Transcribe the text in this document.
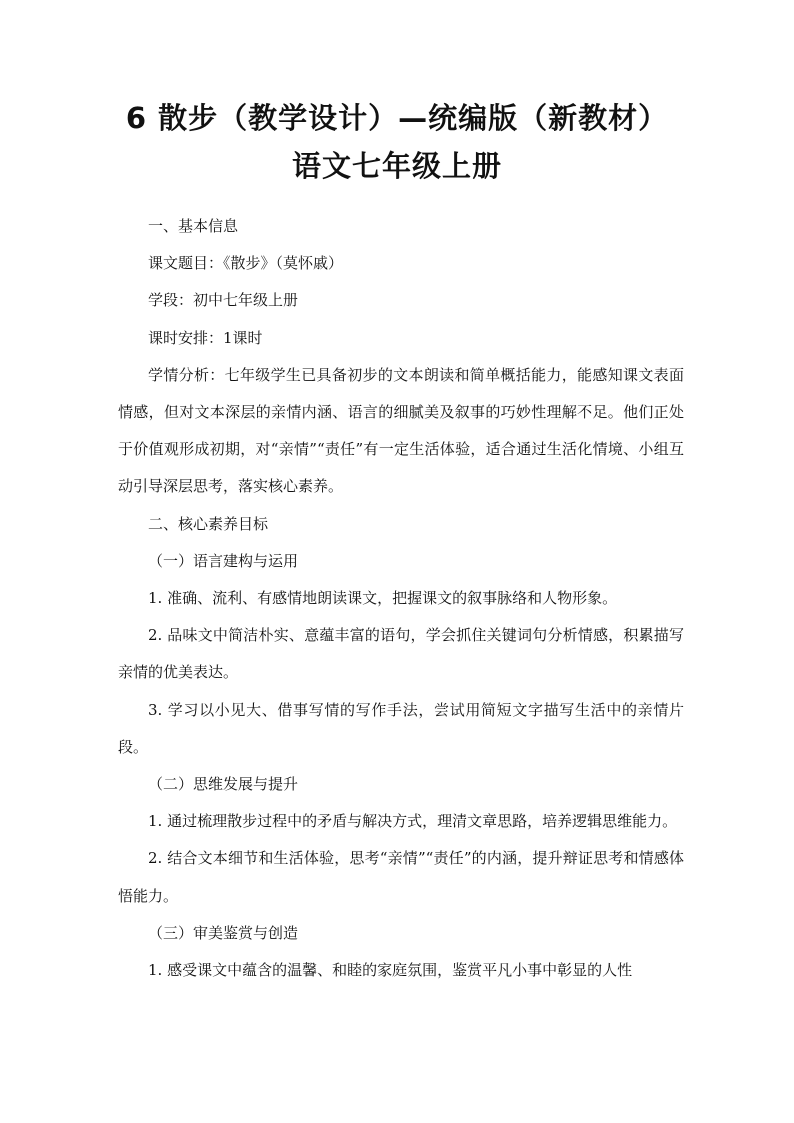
6 散步（教学设计）—统编版（新教材）
语文七年级上册

一、基本信息

课文题目：《散步》（莫怀戚）

学段：初中七年级上册

课时安排：1课时

学情分析：七年级学生已具备初步的文本朗读和简单概括能力，能感知课文表面情感，但对文本深层的亲情内涵、语言的细腻美及叙事的巧妙性理解不足。他们正处于价值观形成初期，对“亲情”“责任”有一定生活体验，适合通过生活化情境、小组互动引导深层思考，落实核心素养。

二、核心素养目标

（一）语言建构与运用

1. 准确、流利、有感情地朗读课文，把握课文的叙事脉络和人物形象。

2. 品味文中简洁朴实、意蕴丰富的语句，学会抓住关键词句分析情感，积累描写亲情的优美表达。

3. 学习以小见大、借事写情的写作手法，尝试用简短文字描写生活中的亲情片段。

（二）思维发展与提升

1. 通过梳理散步过程中的矛盾与解决方式，理清文章思路，培养逻辑思维能力。

2. 结合文本细节和生活体验，思考“亲情”“责任”的内涵，提升辩证思考和情感体悟能力。

（三）审美鉴赏与创造

1. 感受课文中蕴含的温馨、和睦的家庭氛围，鉴赏平凡小事中彰显的人性
